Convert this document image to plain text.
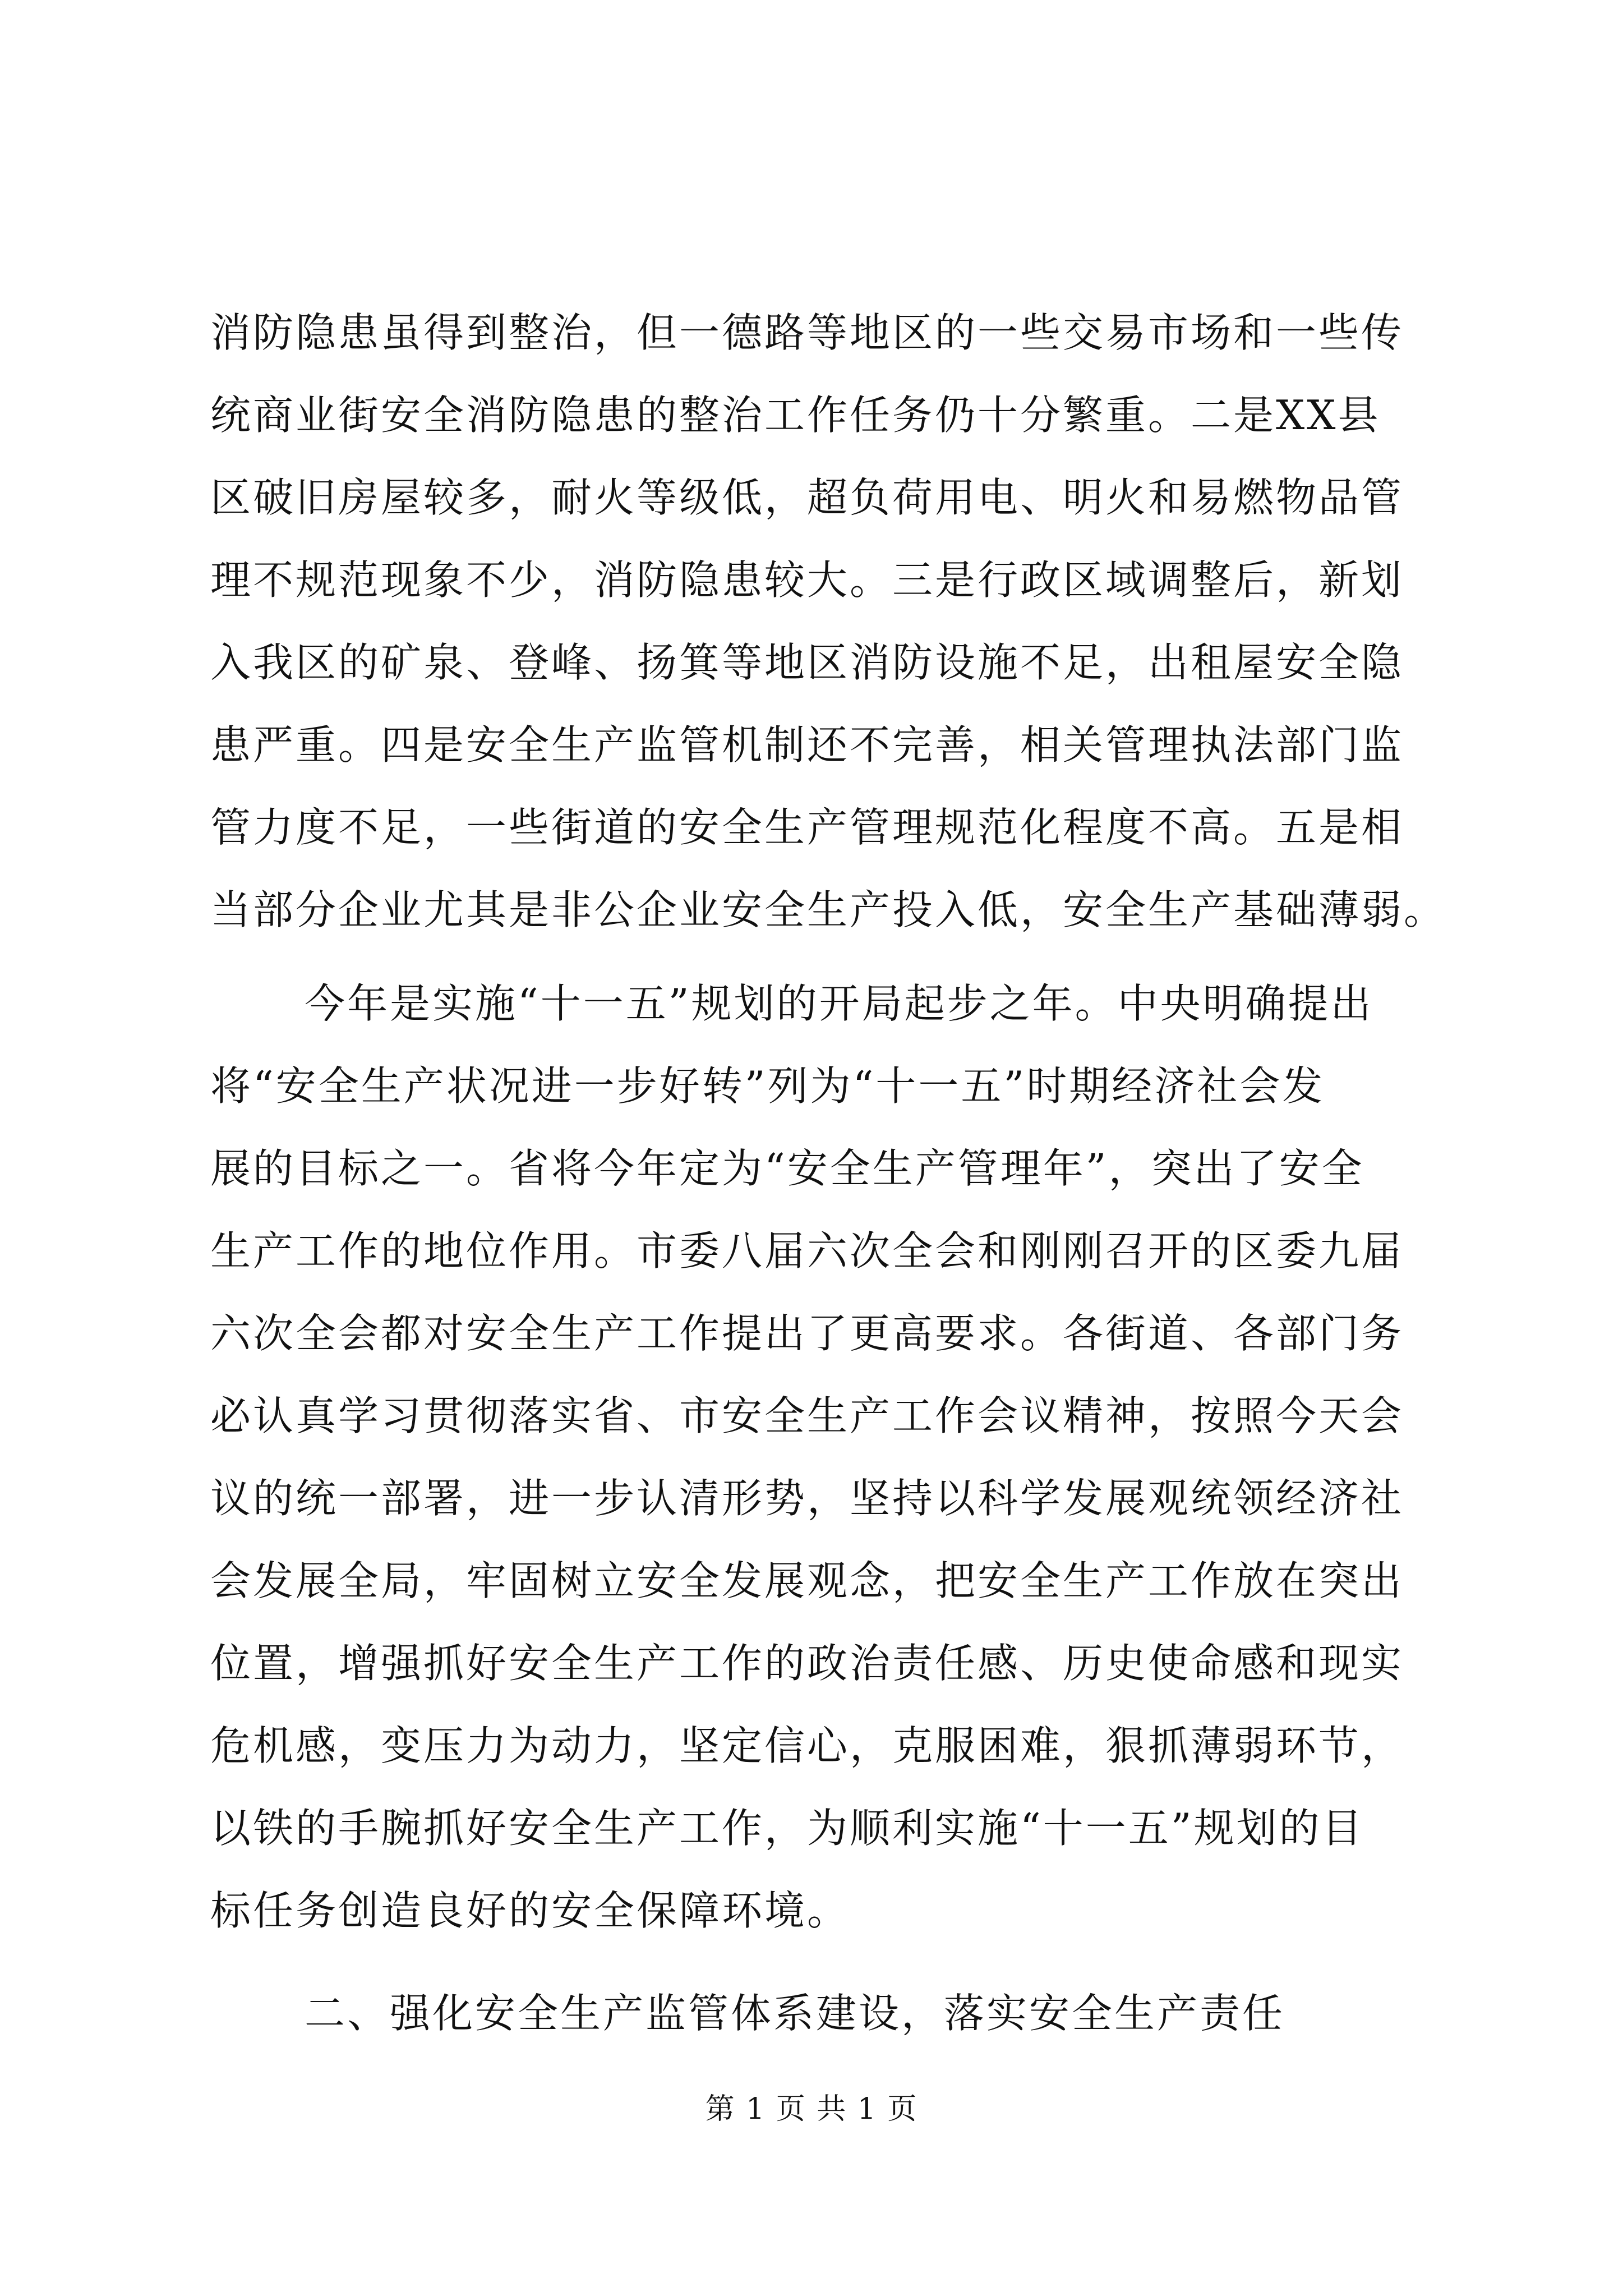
消防隐患虽得到整治，但一德路等地区的一些交易市场和一些传
统商业街安全消防隐患的整治工作任务仍十分繁重。二是XX县
区破旧房屋较多，耐火等级低，超负荷用电、明火和易燃物品管
理不规范现象不少，消防隐患较大。三是行政区域调整后，新划
入我区的矿泉、登峰、扬箕等地区消防设施不足，出租屋安全隐
患严重。四是安全生产监管机制还不完善，相关管理执法部门监
管力度不足，一些街道的安全生产管理规范化程度不高。五是相
当部分企业尤其是非公企业安全生产投入低，安全生产基础薄弱。
今年是实施“十一五”规划的开局起步之年。中央明确提出
将“安全生产状况进一步好转”列为“十一五”时期经济社会发
展的目标之一。省将今年定为“安全生产管理年”，突出了安全
生产工作的地位作用。市委八届六次全会和刚刚召开的区委九届
六次全会都对安全生产工作提出了更高要求。各街道、各部门务
必认真学习贯彻落实省、市安全生产工作会议精神，按照今天会
议的统一部署，进一步认清形势，坚持以科学发展观统领经济社
会发展全局，牢固树立安全发展观念，把安全生产工作放在突出
位置，增强抓好安全生产工作的政治责任感、历史使命感和现实
危机感，变压力为动力，坚定信心，克服困难，狠抓薄弱环节，
以铁的手腕抓好安全生产工作，为顺利实施“十一五”规划的目
标任务创造良好的安全保障环境。
二、强化安全生产监管体系建设，落实安全生产责任
第 1 页 共 1 页
